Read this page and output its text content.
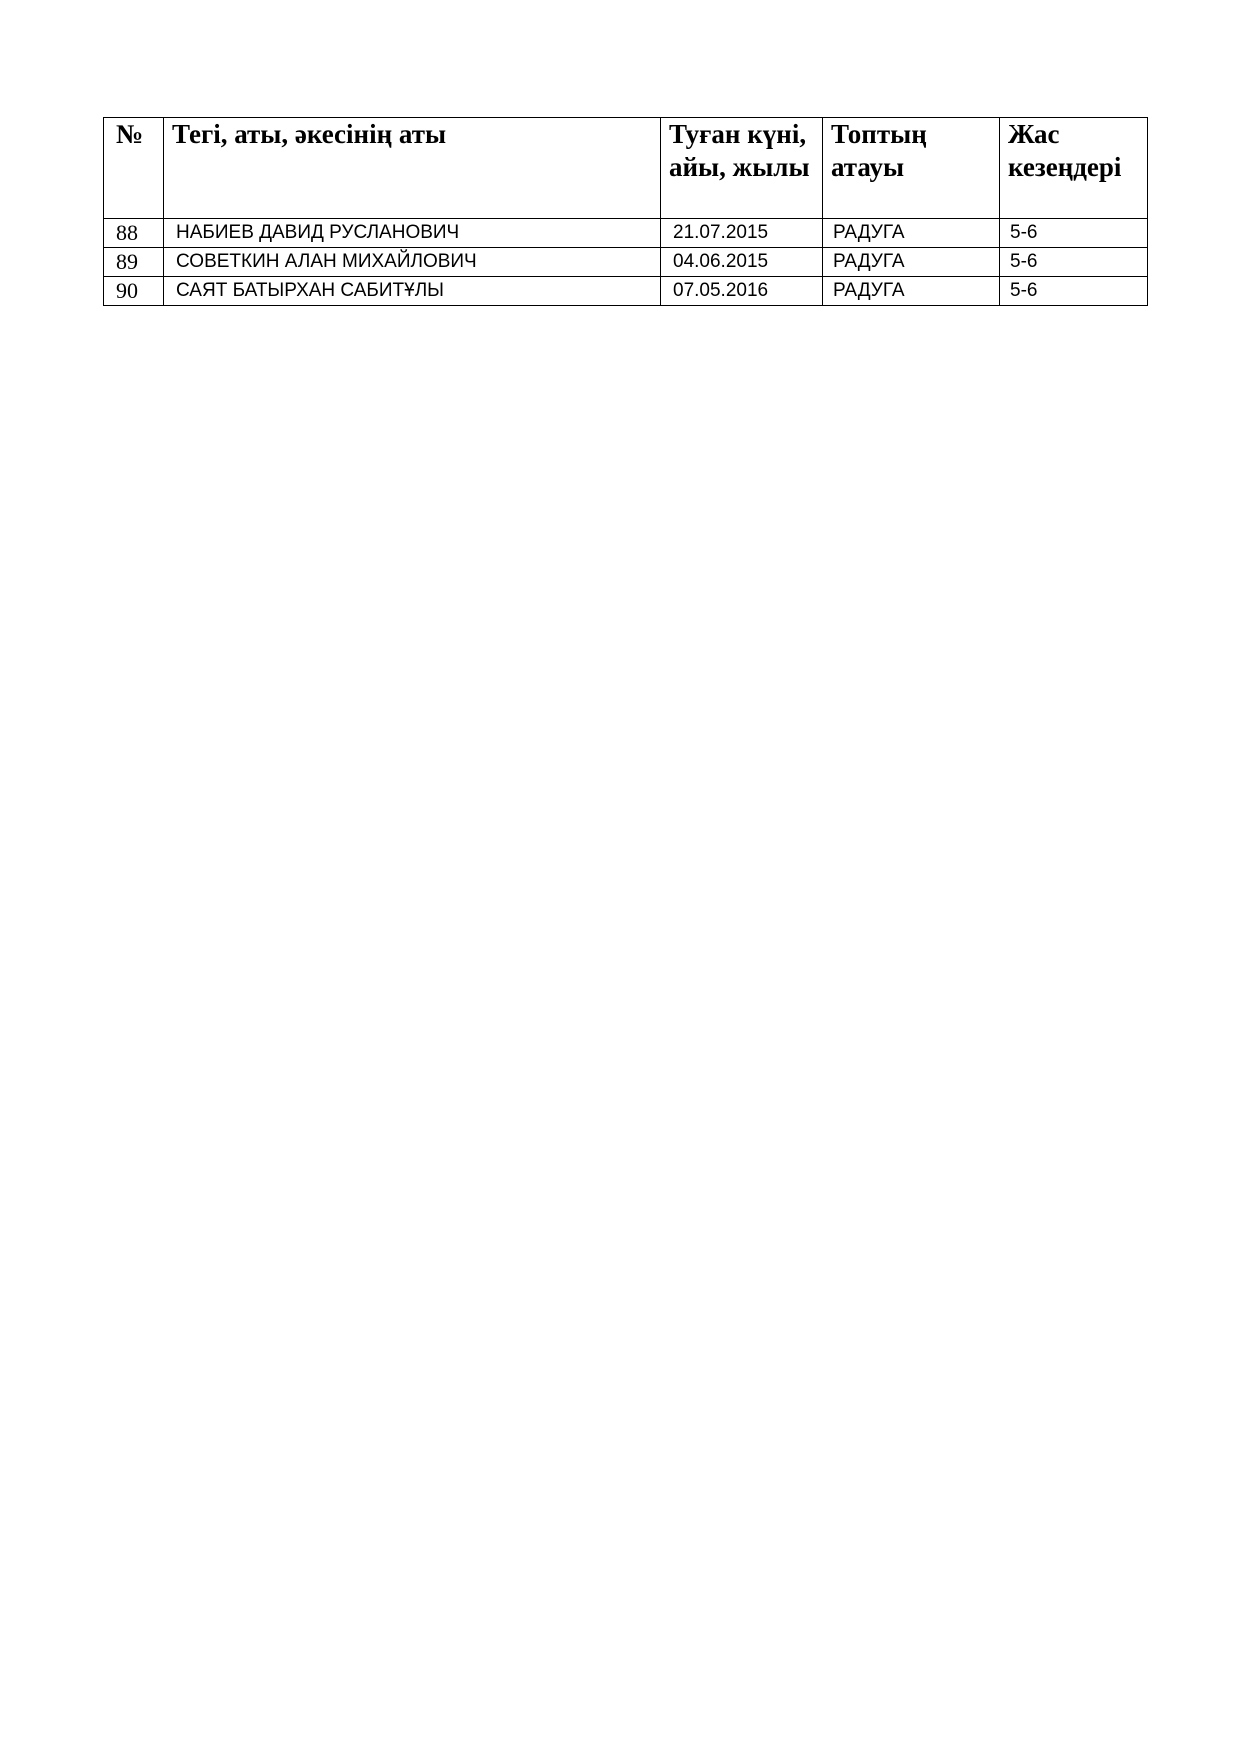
№	Тегі, аты, әкесінің аты	Туған күні, айы, жылы	Топтың атауы	Жас кезеңдері
88	НАБИЕВ ДАВИД РУСЛАНОВИЧ	21.07.2015	РАДУГА	5-6
89	СОВЕТКИН АЛАН МИХАЙЛОВИЧ	04.06.2015	РАДУГА	5-6
90	САЯТ БАТЫРХАН САБИТҰЛЫ	07.05.2016	РАДУГА	5-6
